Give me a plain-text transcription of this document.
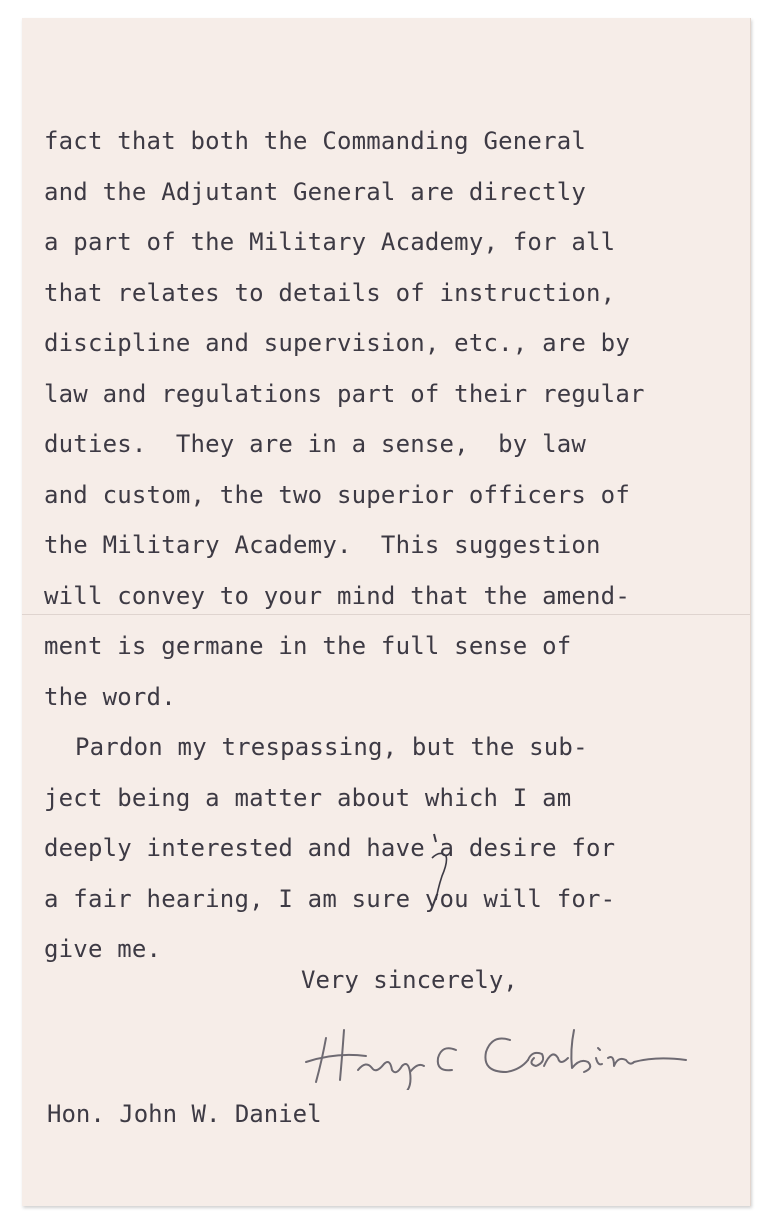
fact that both the Commanding General
and the Adjutant General are directly
a part of the Military Academy, for all
that relates to details of instruction,
discipline and supervision, etc., are by
law and regulations part of their regular
duties.  They are in a sense,  by law
and custom, the two superior officers of
the Military Academy.  This suggestion
will convey to your mind that the amend-
ment is germane in the full sense of
the word.
Pardon my trespassing, but the sub-
ject being a matter about which I am
deeply interested and have a desire for
a fair hearing, I am sure you will for-
give me.
Very sincerely,
Hon. John W. Daniel
